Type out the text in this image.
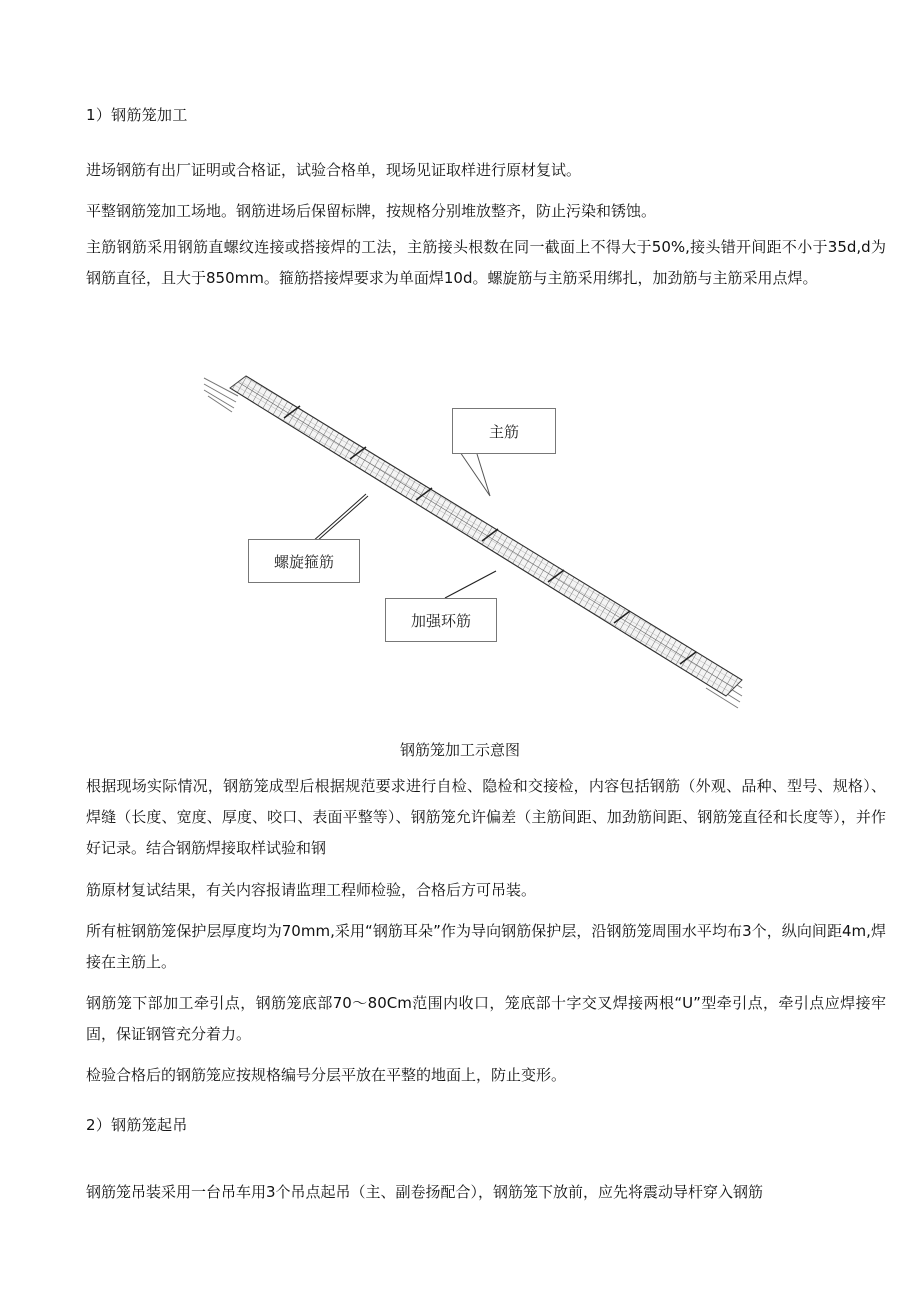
1）钢筋笼加工
进场钢筋有出厂证明或合格证，试验合格单，现场见证取样进行原材复试。
平整钢筋笼加工场地。钢筋进场后保留标牌，按规格分别堆放整齐，防止污染和锈蚀。
主筋钢筋采用钢筋直螺纹连接或搭接焊的工法，主筋接头根数在同一截面上不得大于50%,接头错开间距不小于35d,d为钢筋直径，且大于850mm。箍筋搭接焊要求为单面焊10d。螺旋筋与主筋采用绑扎，加劲筋与主筋采用点焊。
主筋
螺旋箍筋
加强环筋
钢筋笼加工示意图
根据现场实际情况，钢筋笼成型后根据规范要求进行自检、隐检和交接检，内容包括钢筋（外观、品种、型号、规格）、焊缝（长度、宽度、厚度、咬口、表面平整等）、钢筋笼允许偏差（主筋间距、加劲筋间距、钢筋笼直径和长度等），并作好记录。结合钢筋焊接取样试验和钢
筋原材复试结果，有关内容报请监理工程师检验，合格后方可吊装。
所有桩钢筋笼保护层厚度均为70mm,采用“钢筋耳朵”作为导向钢筋保护层，沿钢筋笼周围水平均布3个，纵向间距4m,焊接在主筋上。
钢筋笼下部加工牵引点，钢筋笼底部70～80Cm范围内收口，笼底部十字交叉焊接两根“U”型牵引点，牵引点应焊接牢固，保证钢管充分着力。
检验合格后的钢筋笼应按规格编号分层平放在平整的地面上，防止变形。
2）钢筋笼起吊
钢筋笼吊装采用一台吊车用3个吊点起吊（主、副卷扬配合），钢筋笼下放前，应先将震动导杆穿入钢筋
